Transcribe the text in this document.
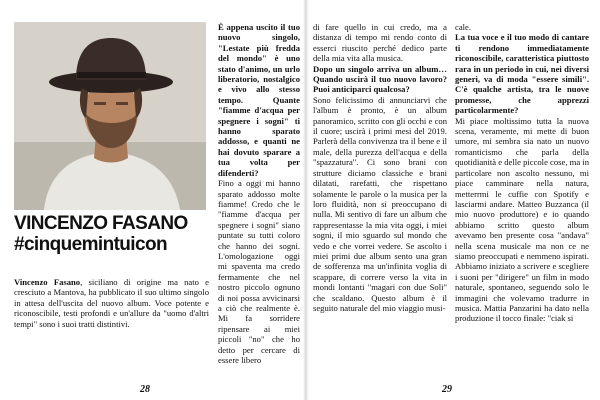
VINCENZO FASANO
#cinquemintuicon

Vincenzo Fasano, siciliano di origine ma nato e cresciuto a Mantova, ha pubblicato il suo ultimo singolo in attesa dell'uscita del nuovo album. Voce potente e riconoscibile, testi profondi e un'allure da "uomo d'altri tempi" sono i suoi tratti distintivi.

È appena uscito il tuo nuovo singolo, "Lestate più fredda del mondo" è uno stato d'animo, un urlo liberatorio, nostalgico e vivo allo stesso tempo. Quante "fiamme d'acqua per spegnere i sogni" ti hanno sparato addosso, e quanti ne hai dovuto sparare a tua volta per difenderti?

Fino a oggi mi hanno sparato addosso molte fiamme! Credo che le "fiamme d'acqua per spegnere i sogni" siano puntate su tutti coloro che hanno dei sogni. L'omologazione oggi mi spaventa ma credo fermamente che nel nostro piccolo ognuno di noi possa avvicinarsi a ciò che realmente è. Mi fa sorridere ripensare ai miei piccoli "no" che ho detto per cercare di essere libero

di fare quello in cui credo, ma a distanza di tempo mi rendo conto di esserci riuscito perché dedico parte della mia vita alla musica.

Dopo un singolo arriva un album… Quando uscirà il tuo nuovo lavoro? Puoi anticiparci qualcosa?

Sono felicissimo di annunciarvi che l'album è pronto, è un album panoramico, scritto con gli occhi e con il cuore; uscirà i primi mesi del 2019. Parlerà della convivenza tra il bene e il male, della purezza dell'acqua e della "spazzatura". Ci sono brani con strutture diciamo classiche e brani dilatati, rarefatti, che rispettano solamente le parole o la musica per la loro fluidità, non si preoccupano di nulla. Mi sentivo di fare un album che rappresentasse la mia vita oggi, i miei sogni, il mio sguardo sul mondo che vedo e che vorrei vedere. Se ascolto i miei primi due album sento una gran de sofferenza ma un'infinita voglia di scappare, di correre verso la vita in mondi lontanti "magari con due Soli" che scaldano. Questo album è il seguito naturale del mio viaggio musi-

cale.

La tua voce e il tuo modo di cantare ti rendono immediatamente riconoscibile, caratteristica piuttosto rara in un periodo in cui, nei diversi generi, va di moda "essere simili". C'è qualche artista, tra le nuove promesse, che apprezzi particolarmente?

Mi piace moltissimo tutta la nuova scena, veramente, mi mette di buon umore, mi sembra sia nato un nuovo romanticismo che parla della quotidianità e delle piccole cose, ma in particolare non ascolto nessuno, mi piace camminare nella natura, metterrmi le cuffie con Spotify e lasciarmi andare. Matteo Buzzanca (il mio nuovo produttore) e io quando abbiamo scritto questo album avevamo ben presente cosa "andava" nella scena musicale ma non ce ne siamo preoccupati e nemmeno ispirati. Abbiamo iniziato a scrivere e scegliere i suoni per "dirigere" un film in modo naturale, spontaneo, seguendo solo le immagini che volevamo tradurre in musica. Mattia Panzarini ha dato nella produzione il tocco finale: "ciak si

28	29
